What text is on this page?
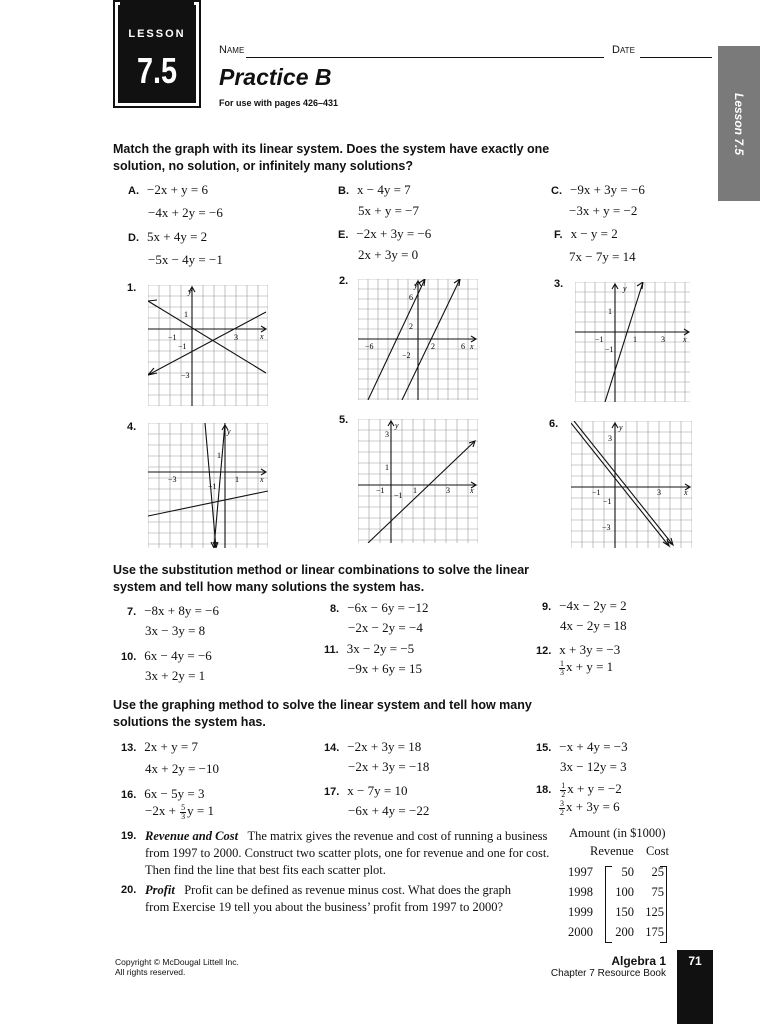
LESSON
7.5	Name	Date
Practice B
For use with pages 426–431	Lesson 7.5
Match the graph with its linear system. Does the system have exactly one solution, no solution, or infinitely many solutions?
A. −2x + y = 6
−4x + 2y = −6
B. x − 4y = 7
5x + y = −7
C. −9x + 3y = −6
−3x + y = −2
D. 5x + 4y = 2
−5x − 4y = −1
E. −2x + 3y = −6
2x + 3y = 0
F. x − y = 2
7x − 7y = 14
1.
2.	3.
4.
5.	6.
y
x
1
−1
−1
3
−3
y
x
6
2
−6
−2
2	6
y
x
1
−1	1	3
−1
y
x
1
−3	1
−1
y
x
3
1
−1	1	3
−1
y
x
3
−1	3
−1
−3
Use the substitution method or linear combinations to solve the linear system and tell how many solutions the system has.
7. −8x + 8y = −6
3x − 3y = 8
8. −6x − 6y = −12
−2x − 2y = −4
9. −4x − 2y = 2
4x − 2y = 18
10. 6x − 4y = −6
3x + 2y = 1
11. 3x − 2y = −5
−9x + 6y = 15
12. x + 3y = −3
$\frac{1}{3}$ x + y = 1
Use the graphing method to solve the linear system and tell how many solutions the system has.
13. 2x + y = 7
4x + 2y = −10
14. −2x + 3y = 18
−2x + 3y = −18
15. −x + 4y = −3
3x − 12y = 3
16. 6x − 5y = 3
$-2x + \frac{5}{3}$ y = 1
17. x − 7y = 10
−6x + 4y = −22
18. $\frac{1}{2}$ x + y = −2
$\frac{3}{2}$ x + 3y = 6
19. Revenue and Cost The matrix gives the revenue and cost of running a business from 1997 to 2000. Construct two scatter plots, one for revenue and one for cost. Then find the line that best fits each scatter plot.
20. Profit Profit can be defined as revenue minus cost. What does the graph from Exercise 19 tell you about the business’ profit from 1997 to 2000?
Amount (in $1000)
Revenue Cost
1997	50	25
1998	100	75
1999	150 125
2000	200 175
Copyright © McDougal Littell Inc.
All rights reserved.
Algebra 1
Chapter 7 Resource Book
71
